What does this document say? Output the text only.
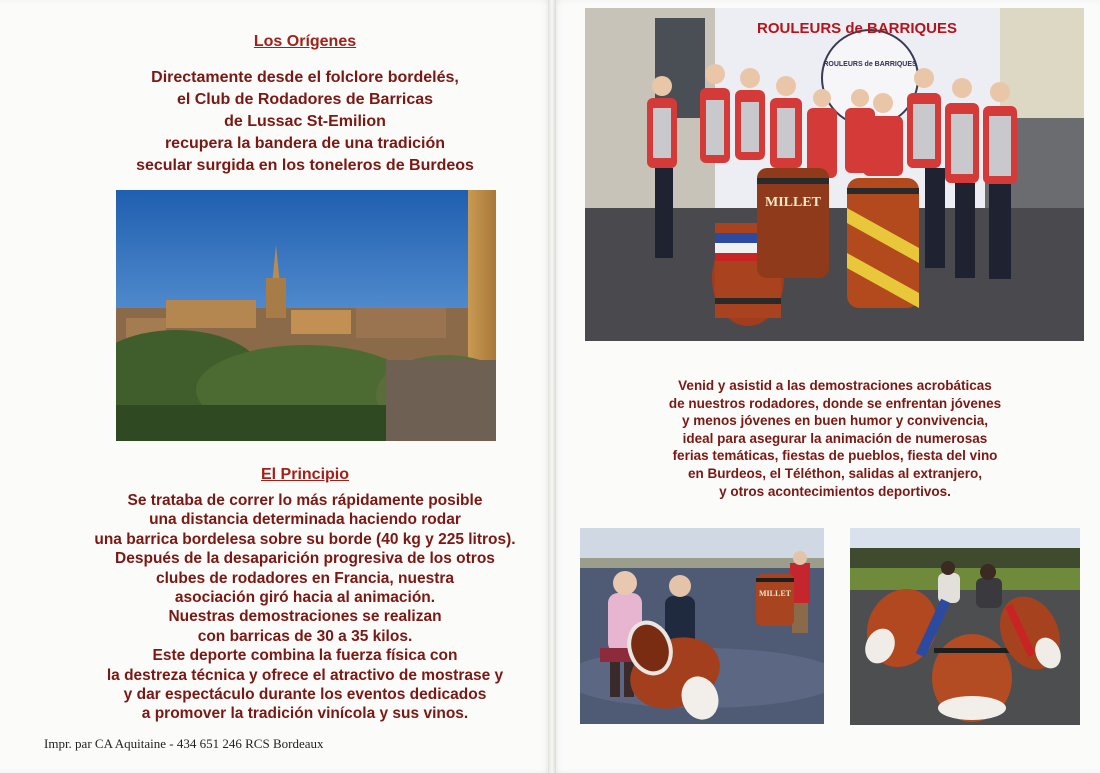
Los Orígenes
Directamente desde el folclore bordelés,
el Club de Rodadores de Barricas
de Lussac St-Emilion
recupera la bandera de una tradición
secular surgida en los toneleros de Burdeos
El Principio
Se trataba de correr lo más rápidamente posible
una distancia determinada haciendo rodar
una barrica bordelesa sobre su borde (40 kg y 225 litros).
Después de la desaparición progresiva de los otros
clubes de rodadores en Francia, nuestra
asociación giró hacia al animación.
Nuestras demostraciones se realizan
con barricas de 30 a 35 kilos.
Este deporte combina la fuerza física con
la destreza técnica y ofrece el atractivo de mostrase y
y dar espectáculo durante los eventos dedicados
a promover la tradición vinícola y sus vinos.
Impr. par CA Aquitaine - 434 651 246 RCS Bordeaux
ROULEURS de BARRIQUES
ROULEURS de BARRIQUES
MILLET
Venid y asistid a las demostraciones acrobáticas
de nuestros rodadores, donde se enfrentan jóvenes
y menos jóvenes en buen humor y convivencia,
ideal para asegurar la animación de numerosas
ferias temáticas, fiestas de pueblos, fiesta del vino
en Burdeos, el Téléthon, salidas al extranjero,
y otros acontecimientos deportivos.
MILLET
